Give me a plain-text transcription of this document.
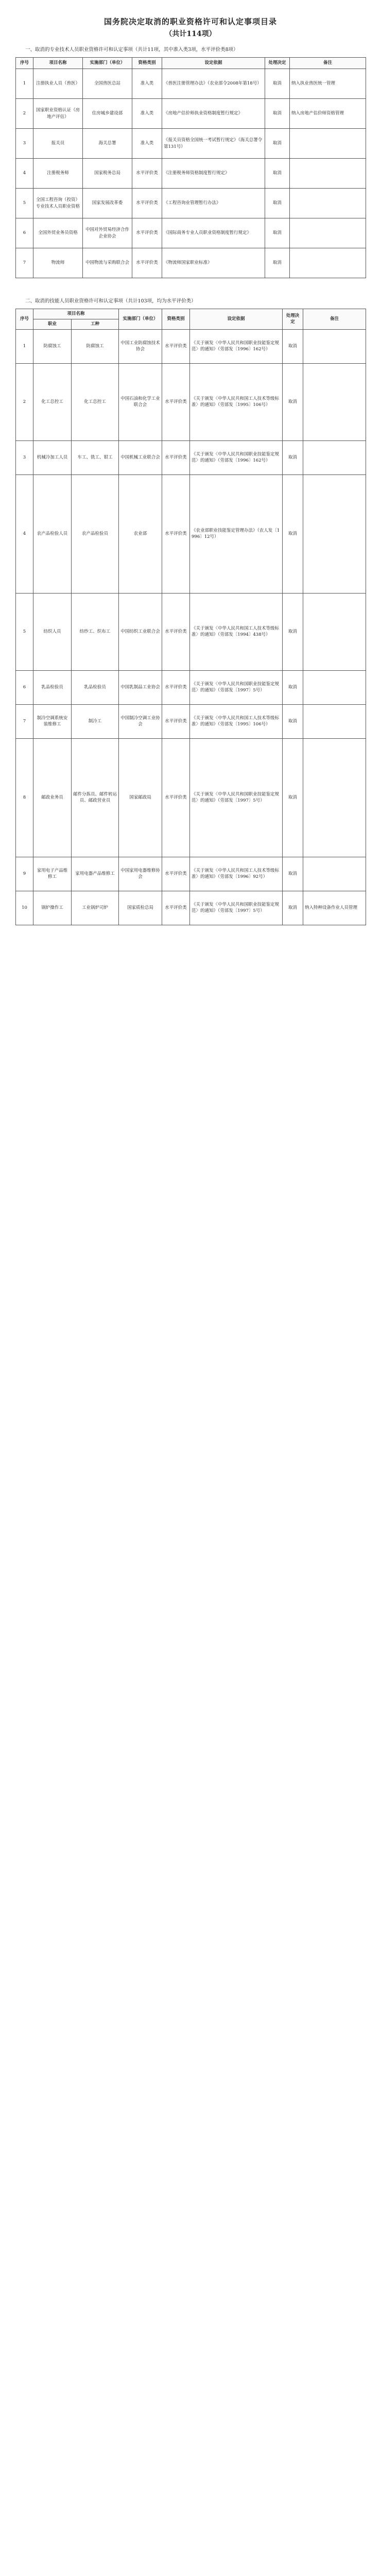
国务院决定取消的职业资格许可和认定事项目录
（共计114项）
一、取消的专业技术人员职业资格许可和认定事项（共计11项，其中准入类3项，水平评价类8项）
序号	项目名称	实施部门（单位）	资格类别	设定依据	处理决定	备注
1	注册执业人员（兽医）	全国兽医总站	准入类	《兽医注册管理办法》（农业部令2008年第18号）	取消	纳入执业兽医统一管理
2	国家职业资格认证（房地产评估）	住房城乡建设部	准入类	《房地产估价师执业资格制度暂行规定》	取消	纳入房地产估价师资格管理
3	报关员	海关总署	准入类	《报关员资格全国统一考试暂行规定》（海关总署令第131号）	取消	
4	注册税务师	国家税务总局	水平评价类	《注册税务师资格制度暂行规定》	取消	
5	全国工程咨询（投资）专业技术人员职业资格	国家发展改革委	水平评价类	《工程咨询业管理暂行办法》	取消	
6	全国外贸业务员资格	中国对外贸易经济合作企业协会	水平评价类	《国际商务专业人员职业资格制度暂行规定》	取消	
7	物流师	中国物流与采购联合会	水平评价类	《物流师国家职业标准》	取消	
二、取消的技能人员职业资格许可和认定事项（共计103项，均为水平评价类）
序号	项目名称		实施部门（单位）	资格类别	设定依据	处理决定	备注
	职业	工种					
1	防腐蚀工	防腐蚀工	中国工业防腐蚀技术协会	水平评价类	《关于颁发〈中华人民共和国职业技能鉴定规范〉的通知》（劳部发〔1996〕162号）	取消	
2	化工总控工	化工总控工	中国石油和化学工业联合会	水平评价类	《关于颁发〈中华人民共和国工人技术等级标准〉的通知》（劳部发〔1995〕106号）	取消	
3	机械冷加工人员	车工、铣工、钳工	中国机械工业联合会	水平评价类	《关于颁发〈中华人民共和国职业技能鉴定规范〉的通知》（劳部发〔1996〕162号）	取消	
4	农产品检验人员	农产品检验员	农业部	水平评价类	《农业部职业技能鉴定管理办法》（农人发〔1996〕12号）	取消	
5	纺织人员	纺纱工、织布工	中国纺织工业联合会	水平评价类	《关于颁发〈中华人民共和国工人技术等级标准〉的通知》（劳部发〔1994〕438号）	取消	
6	乳品检验员	乳品检验员	中国乳制品工业协会	水平评价类	《关于颁发〈中华人民共和国职业技能鉴定规范〉的通知》（劳部发〔1997〕5号）	取消	
7	制冷空调系统安装维修工	制冷工	中国制冷空调工业协会	水平评价类	《关于颁发〈中华人民共和国工人技术等级标准〉的通知》（劳部发〔1995〕106号）	取消	
8	邮政业务员	邮件分拣员、邮件转运员、邮政营业员	国家邮政局	水平评价类	《关于颁发〈中华人民共和国职业技能鉴定规范〉的通知》（劳部发〔1997〕5号）	取消	
9	家用电子产品维修工	家用电器产品维修工	中国家用电器维修协会	水平评价类	《关于颁发〈中华人民共和国工人技术等级标准〉的通知》（劳部发〔1996〕92号）	取消	
10	锅炉操作工	工业锅炉司炉	国家质检总局	水平评价类	《关于颁发〈中华人民共和国职业技能鉴定规范〉的通知》（劳部发〔1997〕5号）	取消	纳入特种设备作业人员管理
